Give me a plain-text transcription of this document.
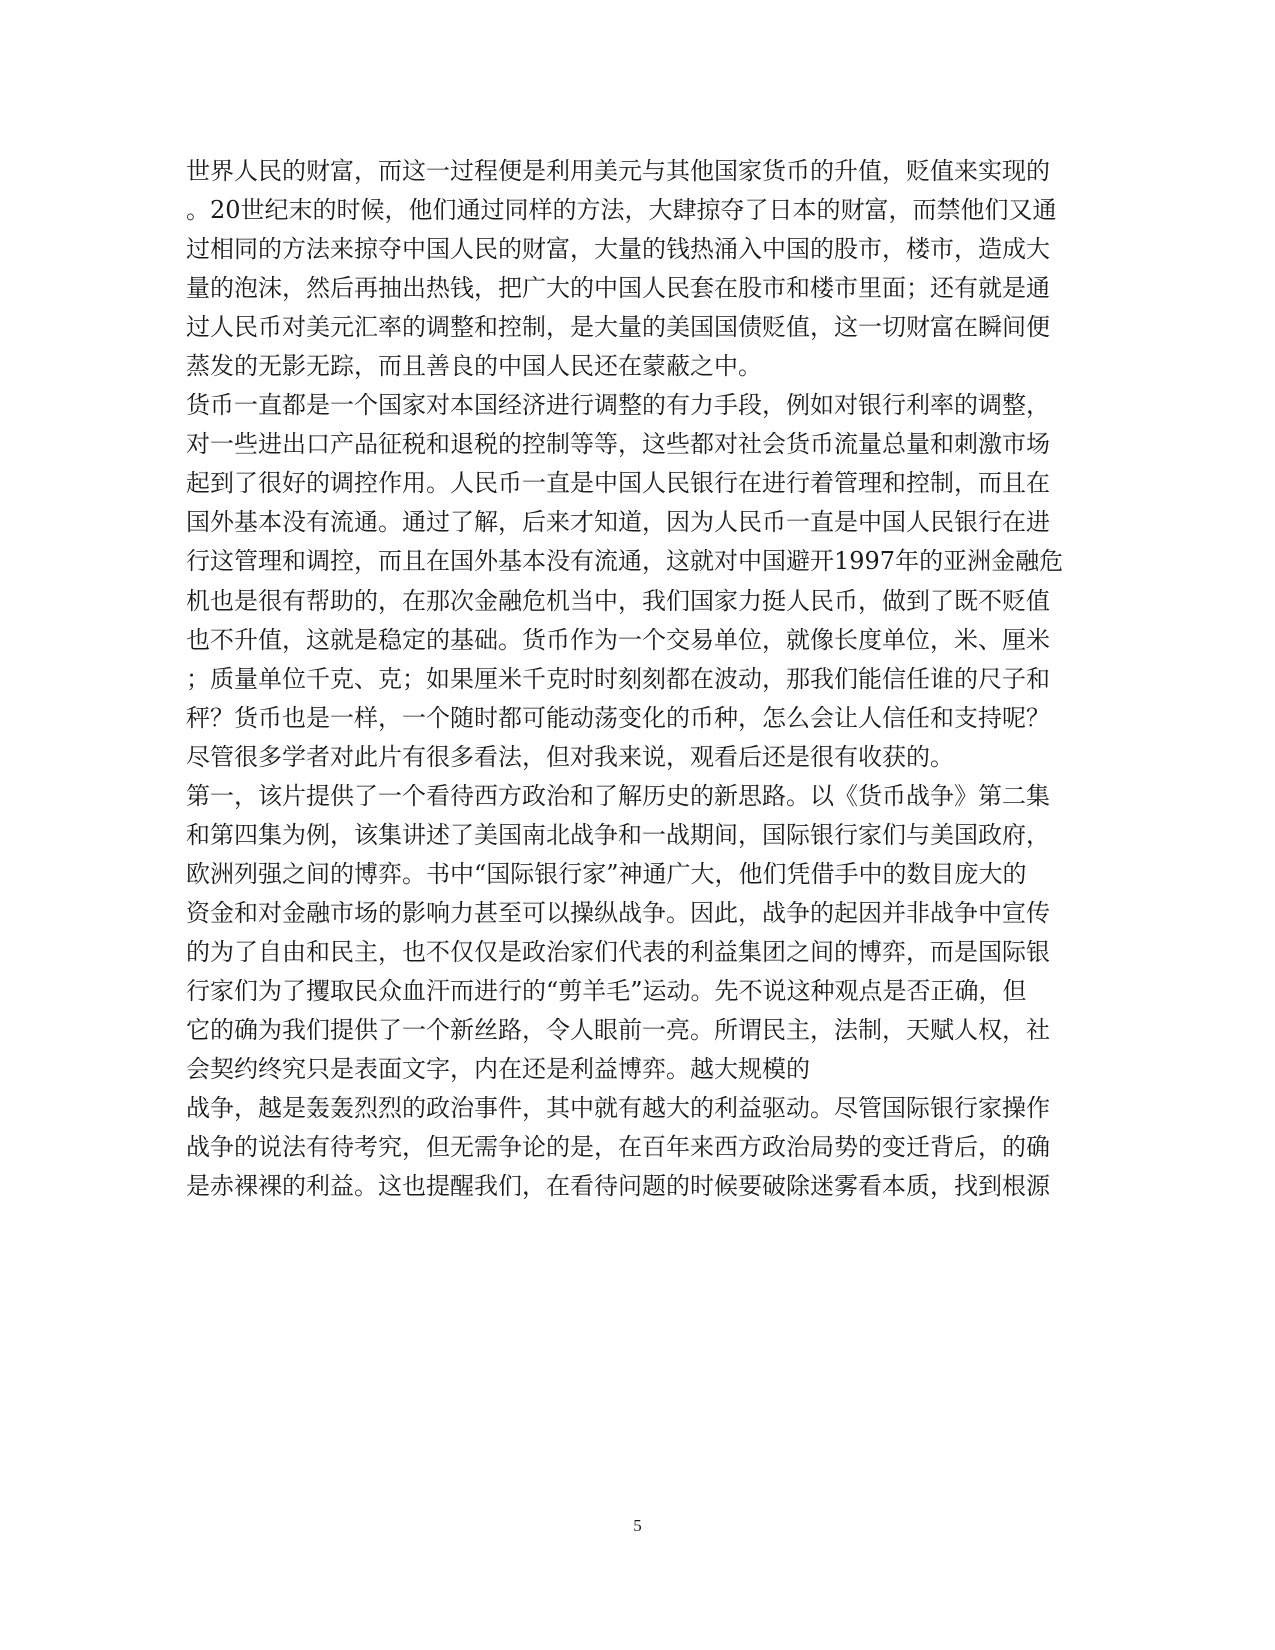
世界人民的财富，而这一过程便是利用美元与其他国家货币的升值，贬值来实现的
。20世纪末的时候，他们通过同样的方法，大肆掠夺了日本的财富，而禁他们又通
过相同的方法来掠夺中国人民的财富，大量的钱热涌入中国的股市，楼市，造成大
量的泡沫，然后再抽出热钱，把广大的中国人民套在股市和楼市里面；还有就是通
过人民币对美元汇率的调整和控制，是大量的美国国债贬值，这一切财富在瞬间便
蒸发的无影无踪，而且善良的中国人民还在蒙蔽之中。
货币一直都是一个国家对本国经济进行调整的有力手段，例如对银行利率的调整，
对一些进出口产品征税和退税的控制等等，这些都对社会货币流量总量和刺激市场
起到了很好的调控作用。人民币一直是中国人民银行在进行着管理和控制，而且在
国外基本没有流通。通过了解，后来才知道，因为人民币一直是中国人民银行在进
行这管理和调控，而且在国外基本没有流通，这就对中国避开1997年的亚洲金融危
机也是很有帮助的，在那次金融危机当中，我们国家力挺人民币，做到了既不贬值
也不升值，这就是稳定的基础。货币作为一个交易单位，就像长度单位，米、厘米
；质量单位千克、克；如果厘米千克时时刻刻都在波动，那我们能信任谁的尺子和
秤？货币也是一样，一个随时都可能动荡变化的币种，怎么会让人信任和支持呢？
尽管很多学者对此片有很多看法，但对我来说，观看后还是很有收获的。
第一，该片提供了一个看待西方政治和了解历史的新思路。以《货币战争》第二集
和第四集为例，该集讲述了美国南北战争和一战期间，国际银行家们与美国政府，
欧洲列强之间的博弈。书中“国际银行家”神通广大，他们凭借手中的数目庞大的
资金和对金融市场的影响力甚至可以操纵战争。因此，战争的起因并非战争中宣传
的为了自由和民主，也不仅仅是政治家们代表的利益集团之间的博弈，而是国际银
行家们为了攫取民众血汗而进行的“剪羊毛”运动。先不说这种观点是否正确，但
它的确为我们提供了一个新丝路，令人眼前一亮。所谓民主，法制，天赋人权，社
会契约终究只是表面文字，内在还是利益博弈。越大规模的
战争，越是轰轰烈烈的政治事件，其中就有越大的利益驱动。尽管国际银行家操作
战争的说法有待考究，但无需争论的是，在百年来西方政治局势的变迁背后，的确
是赤裸裸的利益。这也提醒我们，在看待问题的时候要破除迷雾看本质，找到根源
5
